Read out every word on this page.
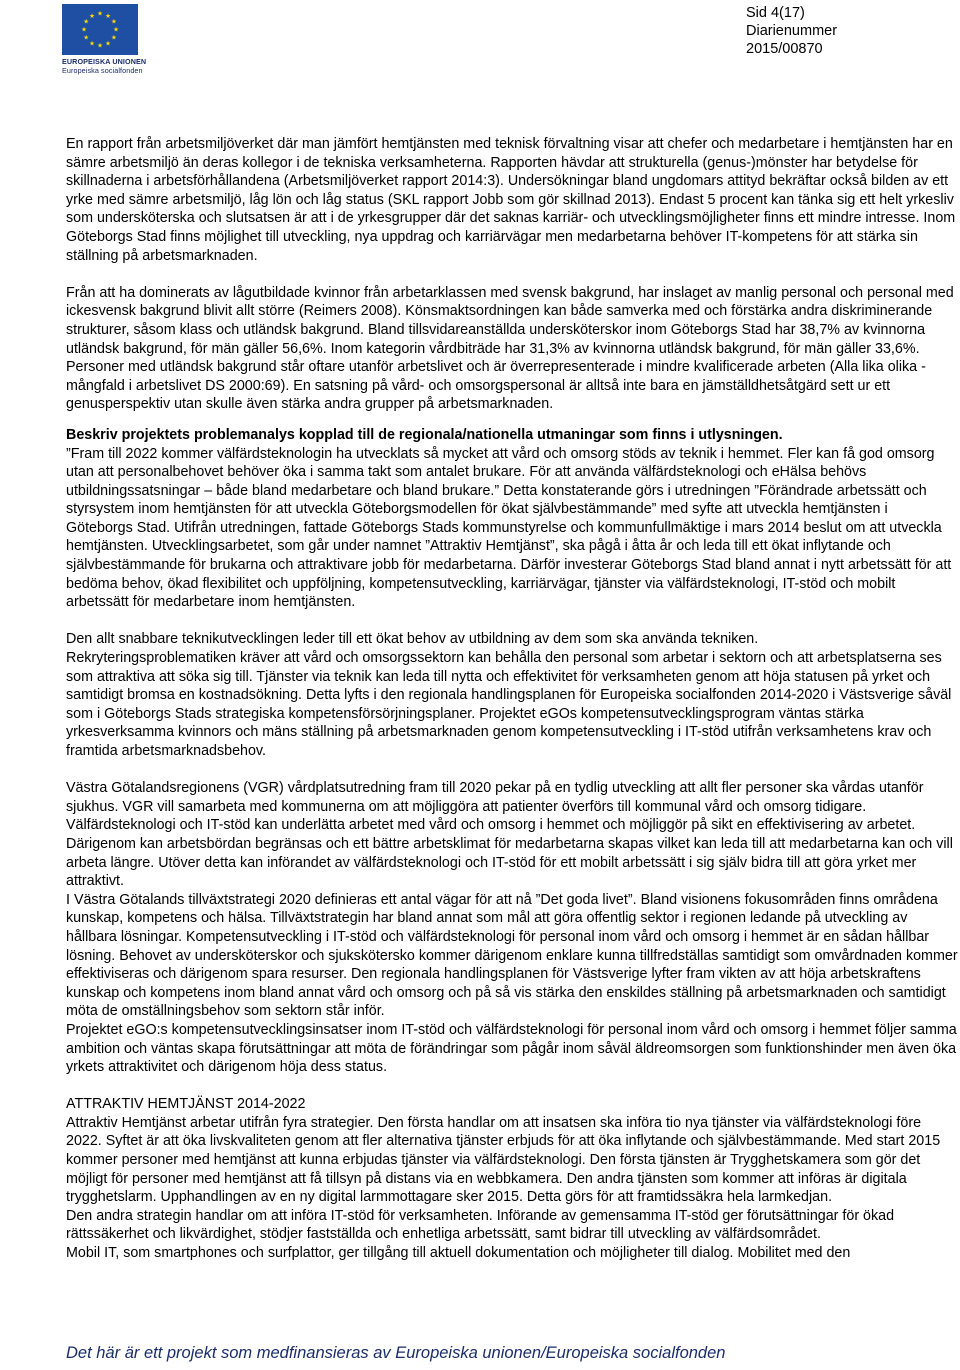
★ ★
★
★
★
★
★
★
★
★
★
★
EUROPEISKA UNIONEN
Europeiska socialfonden
Sid 4(17)
Diarienummer
2015/00870

En rapport från arbetsmiljöverket där man jämfört hemtjänsten med teknisk förvaltning visar att chefer och medarbetare i hemtjänsten har en sämre arbetsmiljö än deras kollegor i de tekniska verksamheterna. Rapporten hävdar att strukturella (genus-)mönster har betydelse för skillnaderna i arbetsförhållandena (Arbetsmiljöverket rapport 2014:3). Undersökningar bland ungdomars attityd bekräftar också bilden av ett yrke med sämre arbetsmiljö, låg lön och låg status (SKL rapport Jobb som gör skillnad 2013). Endast 5 procent kan tänka sig ett helt yrkesliv som undersköterska och slutsatsen är att i de yrkesgrupper där det saknas karriär- och utvecklingsmöjligheter finns ett mindre intresse. Inom Göteborgs Stad finns möjlighet till utveckling, nya uppdrag och karriärvägar men medarbetarna behöver IT-kompetens för att stärka sin ställning på arbetsmarknaden.

Från att ha dominerats av lågutbildade kvinnor från arbetarklassen med svensk bakgrund, har inslaget av manlig personal och personal med ickesvensk bakgrund blivit allt större (Reimers 2008). Könsmaktsordningen kan både samverka med och förstärka andra diskriminerande strukturer, såsom klass och utländsk bakgrund. Bland tillsvidareanställda undersköterskor inom Göteborgs Stad har 38,7% av kvinnorna utländsk bakgrund, för män gäller 56,6%. Inom kategorin vårdbiträde har 31,3% av kvinnorna utländsk bakgrund, för män gäller 33,6%. Personer med utländsk bakgrund står oftare utanför arbetslivet och är överrepresenterade i mindre kvalificerade arbeten (Alla lika olika - mångfald i arbetslivet DS 2000:69). En satsning på vård- och omsorgspersonal är alltså inte bara en jämställdhetsåtgärd sett ur ett genusperspektiv utan skulle även stärka andra grupper på arbetsmarknaden.

Beskriv projektets problemanalys kopplad till de regionala/nationella utmaningar som finns i utlysningen.

”Fram till 2022 kommer välfärdsteknologin ha utvecklats så mycket att vård och omsorg stöds av teknik i hemmet. Fler kan få god omsorg utan att personalbehovet behöver öka i samma takt som antalet brukare. För att använda välfärdsteknologi och eHälsa behövs utbildningssatsningar – både bland medarbetare och bland brukare.” Detta konstaterande görs i utredningen ”Förändrade arbetssätt och styrsystem inom hemtjänsten för att utveckla Göteborgsmodellen för ökat självbestämmande” med syfte att utveckla hemtjänsten i Göteborgs Stad. Utifrån utredningen, fattade Göteborgs Stads kommunstyrelse och kommunfullmäktige i mars 2014 beslut om att utveckla hemtjänsten. Utvecklingsarbetet, som går under namnet ”Attraktiv Hemtjänst”, ska pågå i åtta år och leda till ett ökat inflytande och självbestämmande för brukarna och attraktivare jobb för medarbetarna. Därför investerar Göteborgs Stad bland annat i nytt arbetssätt för att bedöma behov, ökad flexibilitet och uppföljning, kompetensutveckling, karriärvägar, tjänster via välfärdsteknologi, IT-stöd och mobilt arbetssätt för medarbetare inom hemtjänsten.

Den allt snabbare teknikutvecklingen leder till ett ökat behov av utbildning av dem som ska använda tekniken.

Rekryteringsproblematiken kräver att vård och omsorgssektorn kan behålla den personal som arbetar i sektorn och att arbetsplatserna ses som attraktiva att söka sig till. Tjänster via teknik kan leda till nytta och effektivitet för verksamheten genom att höja statusen på yrket och samtidigt bromsa en kostnadsökning. Detta lyfts i den regionala handlingsplanen för Europeiska socialfonden 2014-2020 i Västsverige såväl som i Göteborgs Stads strategiska kompetensförsörjningsplaner. Projektet eGOs kompetensutvecklingsprogram väntas stärka yrkesverksamma kvinnors och mäns ställning på arbetsmarknaden genom kompetensutveckling i IT-stöd utifrån verksamhetens krav och framtida arbetsmarknadsbehov.

Västra Götalandsregionens (VGR) vårdplatsutredning fram till 2020 pekar på en tydlig utveckling att allt fler personer ska vårdas utanför sjukhus. VGR vill samarbeta med kommunerna om att möjliggöra att patienter överförs till kommunal vård och omsorg tidigare. Välfärdsteknologi och IT-stöd kan underlätta arbetet med vård och omsorg i hemmet och möjliggör på sikt en effektivisering av arbetet. Därigenom kan arbetsbördan begränsas och ett bättre arbetsklimat för medarbetarna skapas vilket kan leda till att medarbetarna kan och vill arbeta längre. Utöver detta kan införandet av välfärdsteknologi och IT-stöd för ett mobilt arbetssätt i sig själv bidra till att göra yrket mer attraktivt.

I Västra Götalands tillväxtstrategi 2020 definieras ett antal vägar för att nå ”Det goda livet”. Bland visionens fokusområden finns områdena kunskap, kompetens och hälsa. Tillväxtstrategin har bland annat som mål att göra offentlig sektor i regionen ledande på utveckling av hållbara lösningar. Kompetensutveckling i IT-stöd och välfärdsteknologi för personal inom vård och omsorg i hemmet är en sådan hållbar lösning. Behovet av undersköterskor och sjukskötersko kommer därigenom enklare kunna tillfredställas samtidigt som omvårdnaden kommer effektiviseras och därigenom spara resurser. Den regionala handlingsplanen för Västsverige lyfter fram vikten av att höja arbetskraftens kunskap och kompetens inom bland annat vård och omsorg och på så vis stärka den enskildes ställning på arbetsmarknaden och samtidigt möta de omställningsbehov som sektorn står inför.

Projektet eGO:s kompetensutvecklingsinsatser inom IT-stöd och välfärdsteknologi för personal inom vård och omsorg i hemmet följer samma ambition och väntas skapa förutsättningar att möta de förändringar som pågår inom såväl äldreomsorgen som funktionshinder men även öka yrkets attraktivitet och därigenom höja dess status.

ATTRAKTIV HEMTJÄNST 2014-2022

Attraktiv Hemtjänst arbetar utifrån fyra strategier. Den första handlar om att insatsen ska införa tio nya tjänster via välfärdsteknologi före 2022. Syftet är att öka livskvaliteten genom att fler alternativa tjänster erbjuds för att öka inflytande och självbestämmande. Med start 2015 kommer personer med hemtjänst att kunna erbjudas tjänster via välfärdsteknologi. Den första tjänsten är Trygghetskamera som gör det möjligt för personer med hemtjänst att få tillsyn på distans via en webbkamera. Den andra tjänsten som kommer att införas är digitala trygghetslarm. Upphandlingen av en ny digital larmmottagare sker 2015. Detta görs för att framtidssäkra hela larmkedjan.

Den andra strategin handlar om att införa IT-stöd för verksamheten. Införande av gemensamma IT-stöd ger förutsättningar för ökad rättssäkerhet och likvärdighet, stödjer fastställda och enhetliga arbetssätt, samt bidrar till utveckling av välfärdsområdet.

Mobil IT, som smartphones och surfplattor, ger tillgång till aktuell dokumentation och möjligheter till dialog. Mobilitet med den

Det här är ett projekt som medfinansieras av Europeiska unionen/Europeiska socialfonden
